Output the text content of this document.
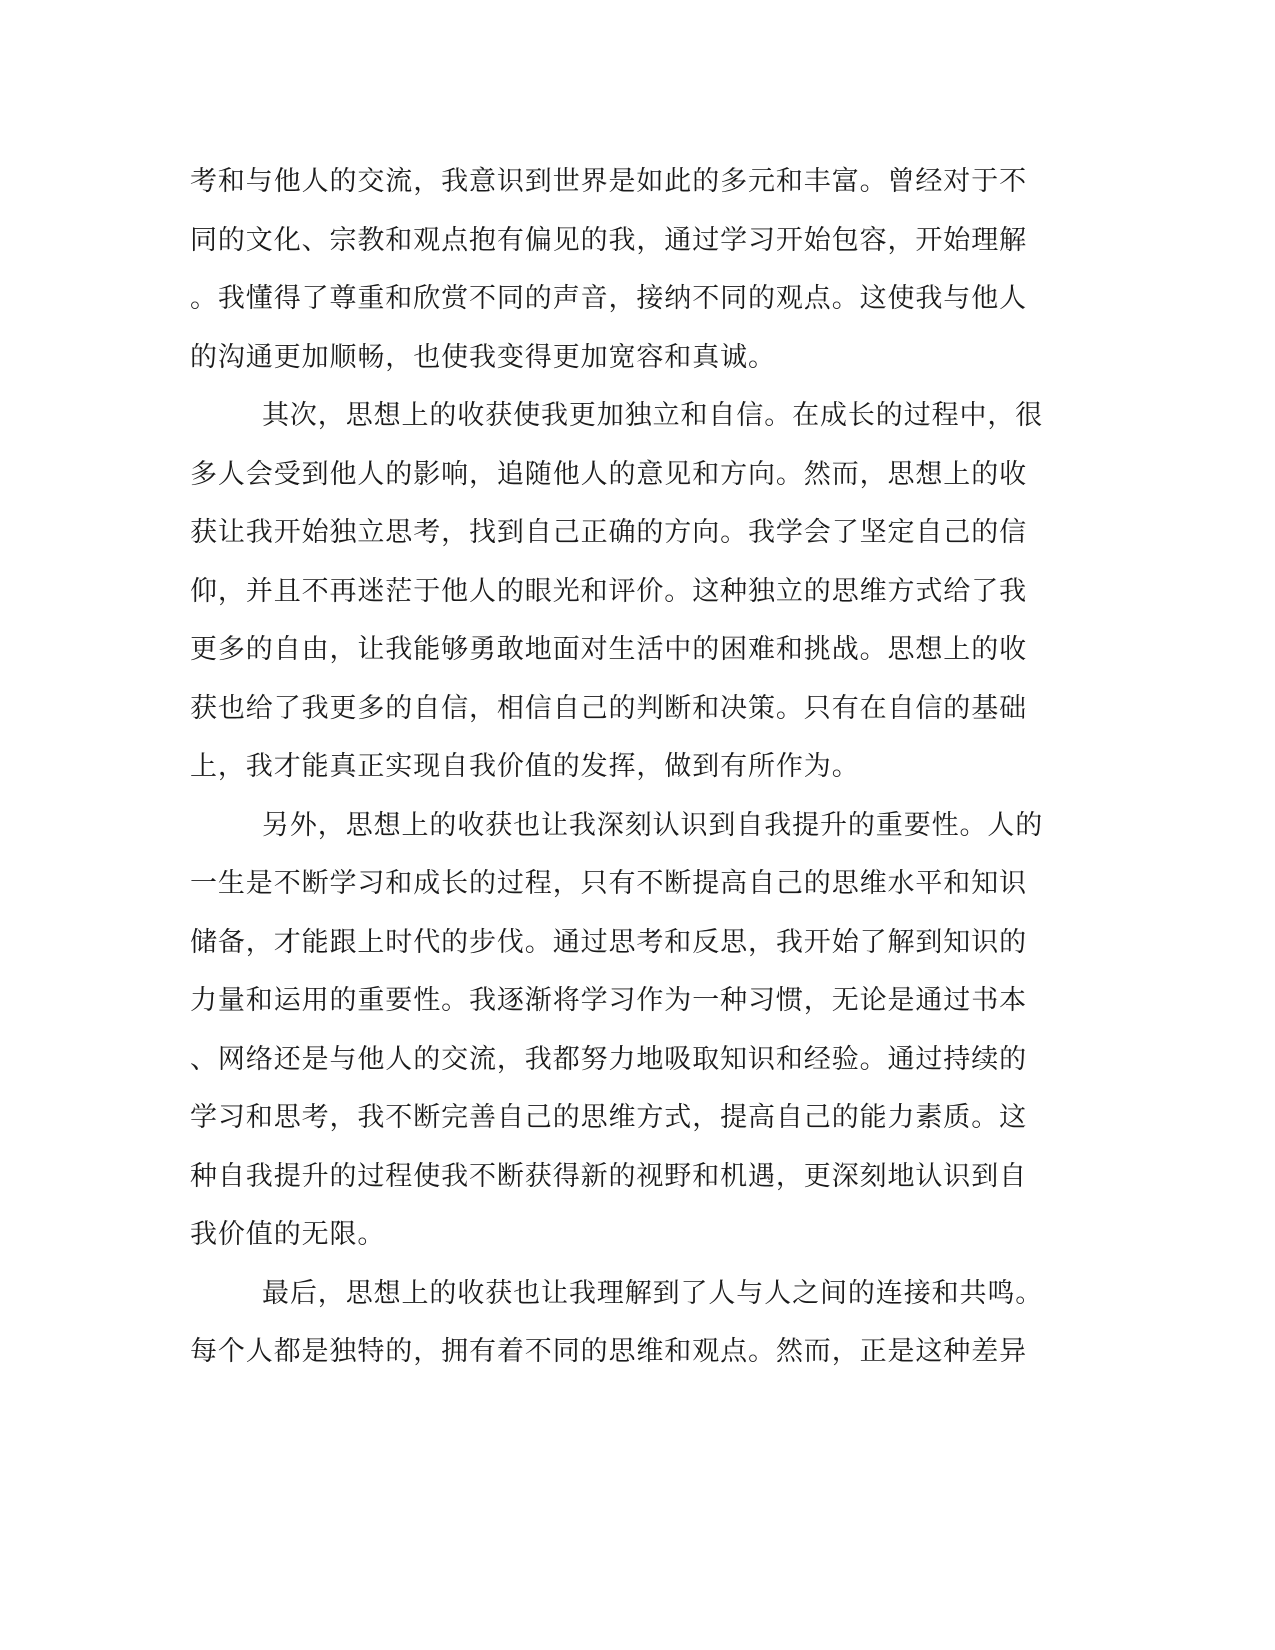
考和与他人的交流，我意识到世界是如此的多元和丰富。曾经对于不

同的文化、宗教和观点抱有偏见的我，通过学习开始包容，开始理解

。我懂得了尊重和欣赏不同的声音，接纳不同的观点。这使我与他人

的沟通更加顺畅，也使我变得更加宽容和真诚。

其次，思想上的收获使我更加独立和自信。在成长的过程中，很

多人会受到他人的影响，追随他人的意见和方向。然而，思想上的收

获让我开始独立思考，找到自己正确的方向。我学会了坚定自己的信

仰，并且不再迷茫于他人的眼光和评价。这种独立的思维方式给了我

更多的自由，让我能够勇敢地面对生活中的困难和挑战。思想上的收

获也给了我更多的自信，相信自己的判断和决策。只有在自信的基础

上，我才能真正实现自我价值的发挥，做到有所作为。

另外，思想上的收获也让我深刻认识到自我提升的重要性。人的

一生是不断学习和成长的过程，只有不断提高自己的思维水平和知识

储备，才能跟上时代的步伐。通过思考和反思，我开始了解到知识的

力量和运用的重要性。我逐渐将学习作为一种习惯，无论是通过书本

、网络还是与他人的交流，我都努力地吸取知识和经验。通过持续的

学习和思考，我不断完善自己的思维方式，提高自己的能力素质。这

种自我提升的过程使我不断获得新的视野和机遇，更深刻地认识到自

我价值的无限。

最后，思想上的收获也让我理解到了人与人之间的连接和共鸣。

每个人都是独特的，拥有着不同的思维和观点。然而，正是这种差异
